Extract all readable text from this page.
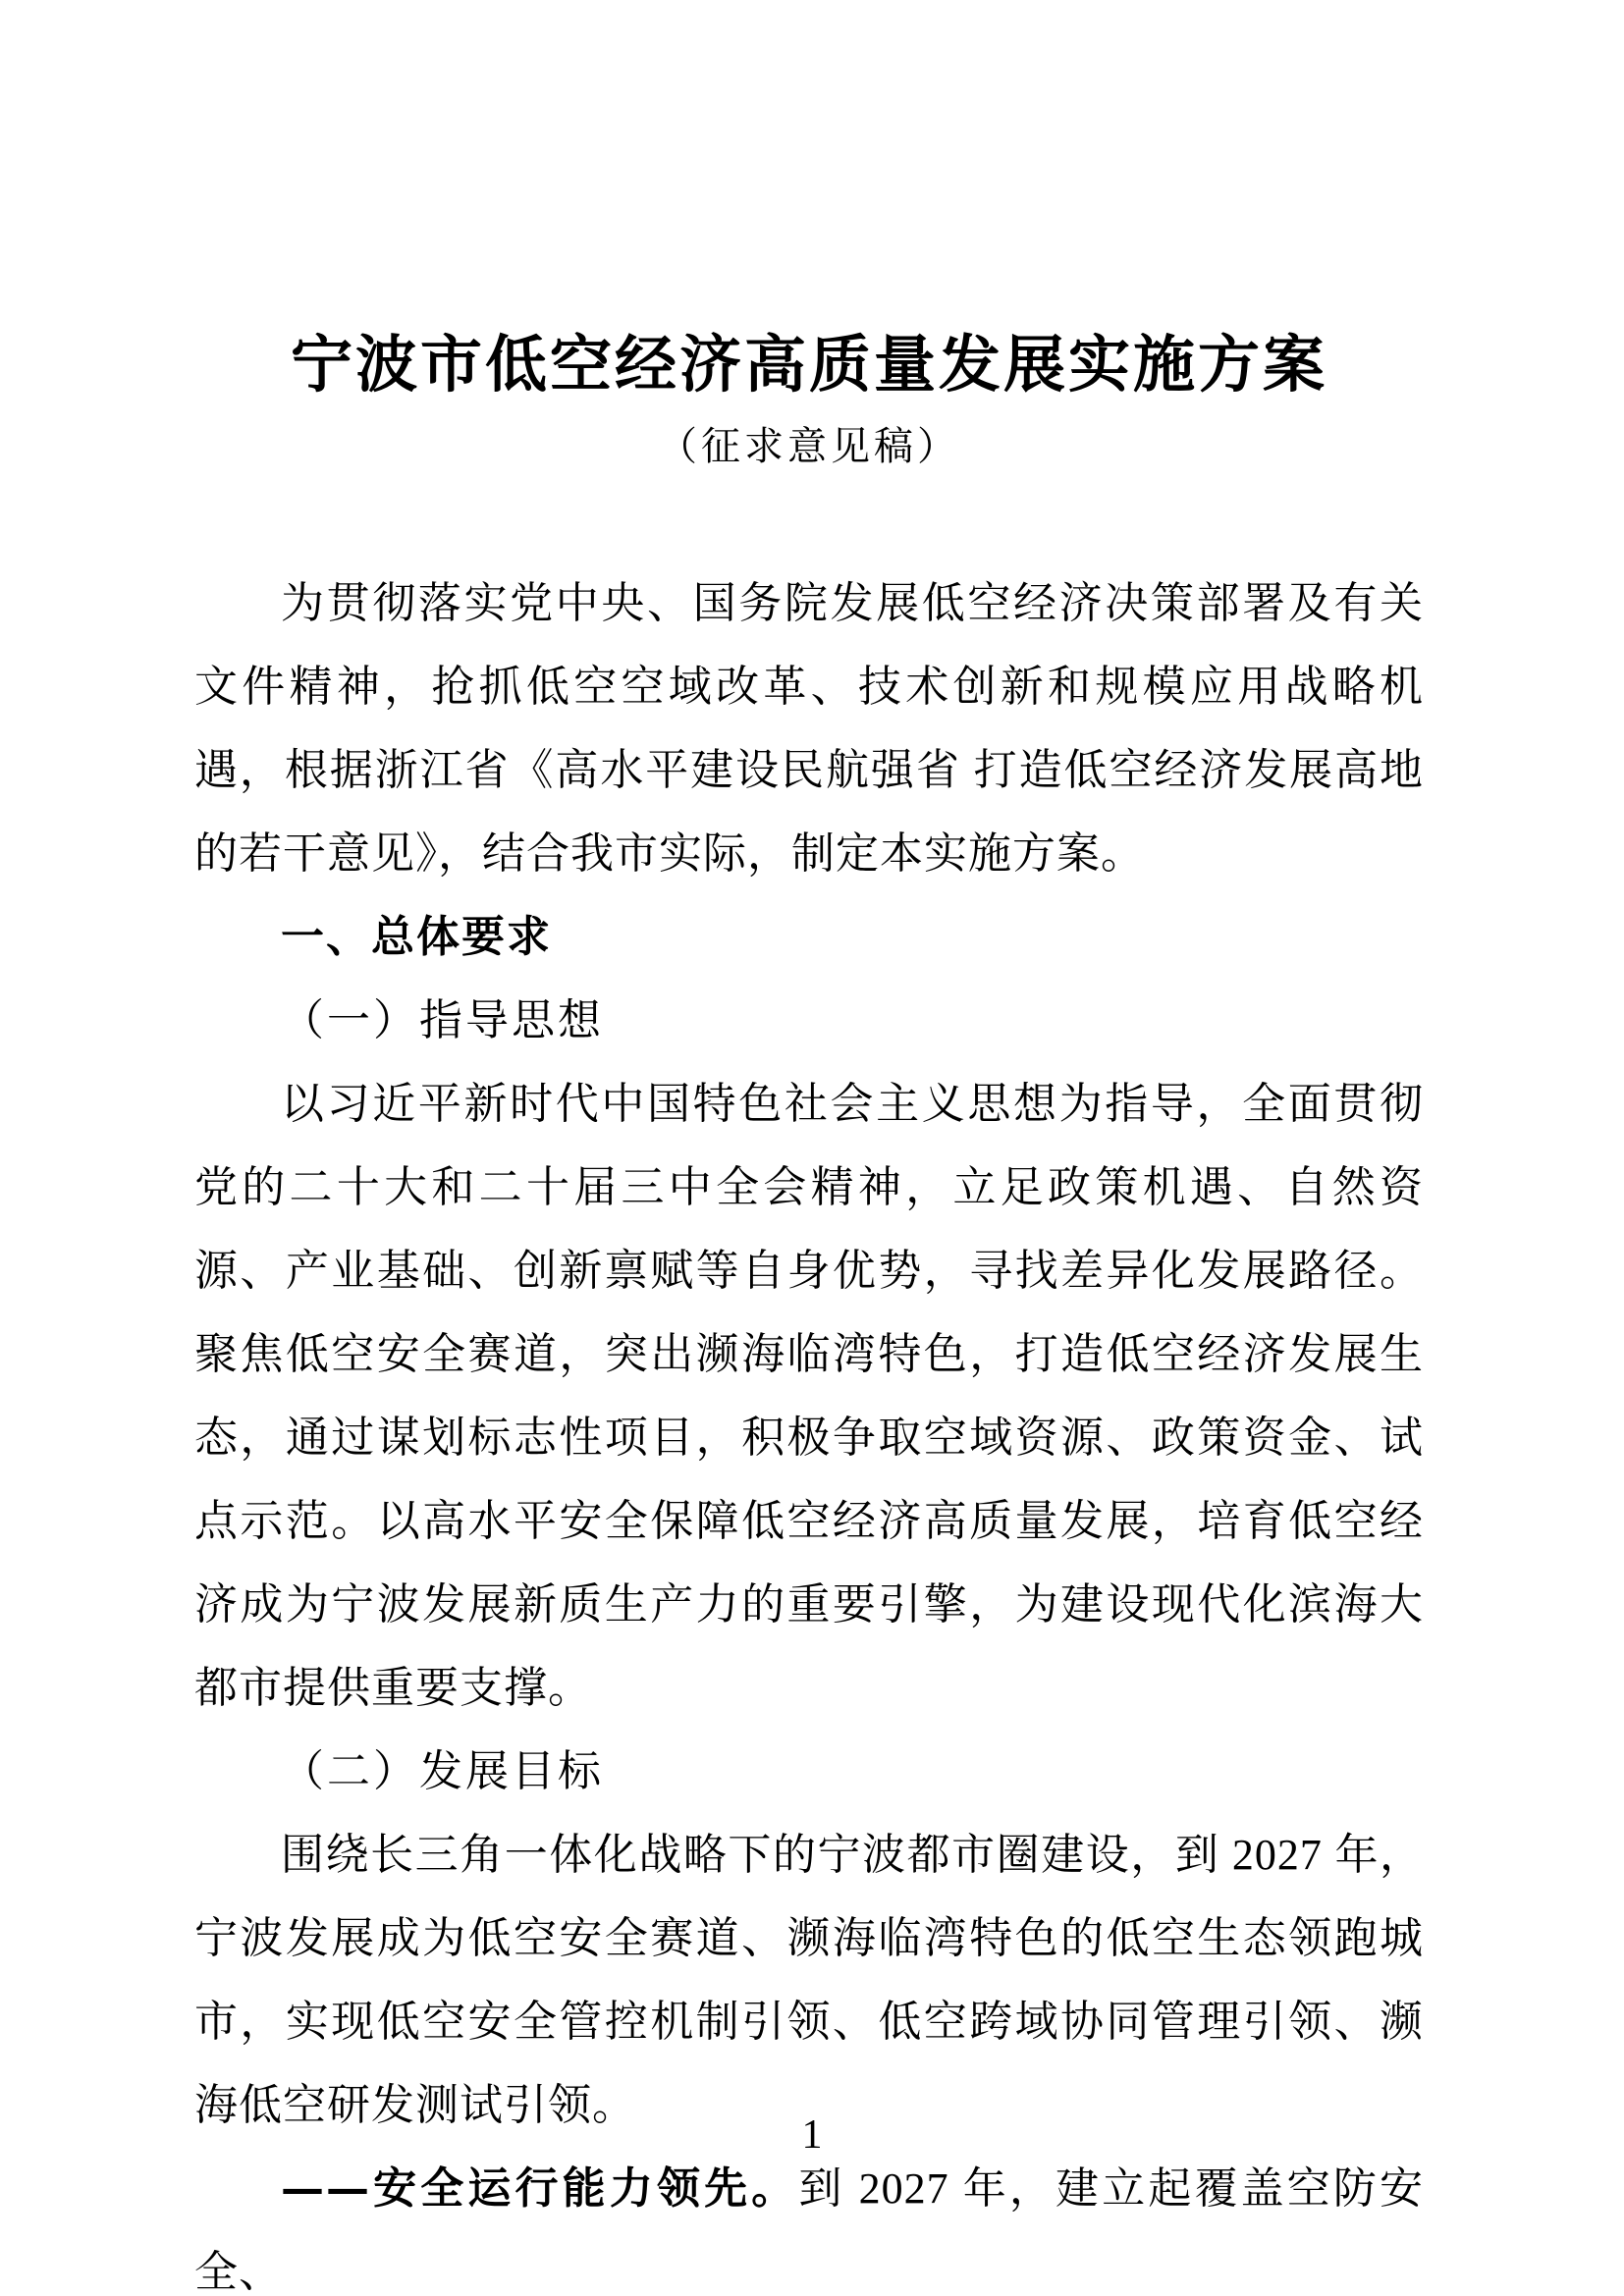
宁波市低空经济高质量发展实施方案
（征求意见稿）

为贯彻落实党中央、国务院发展低空经济决策部署及有关文件精神，抢抓低空空域改革、技术创新和规模应用战略机遇，根据浙江省《高水平建设民航强省 打造低空经济发展高地的若干意见》，结合我市实际，制定本实施方案。

一、总体要求

（一）指导思想

以习近平新时代中国特色社会主义思想为指导，全面贯彻党的二十大和二十届三中全会精神，立足政策机遇、自然资源、产业基础、创新禀赋等自身优势，寻找差异化发展路径。聚焦低空安全赛道，突出濒海临湾特色，打造低空经济发展生态，通过谋划标志性项目，积极争取空域资源、政策资金、试点示范。以高水平安全保障低空经济高质量发展，培育低空经济成为宁波发展新质生产力的重要引擎，为建设现代化滨海大都市提供重要支撑。

（二）发展目标

围绕长三角一体化战略下的宁波都市圈建设，到 2027 年，宁波发展成为低空安全赛道、濒海临湾特色的低空生态领跑城市，实现低空安全管控机制引领、低空跨域协同管理引领、濒海低空研发测试引领。

——安全运行能力领先。到 2027 年，建立起覆盖空防安全、

1
